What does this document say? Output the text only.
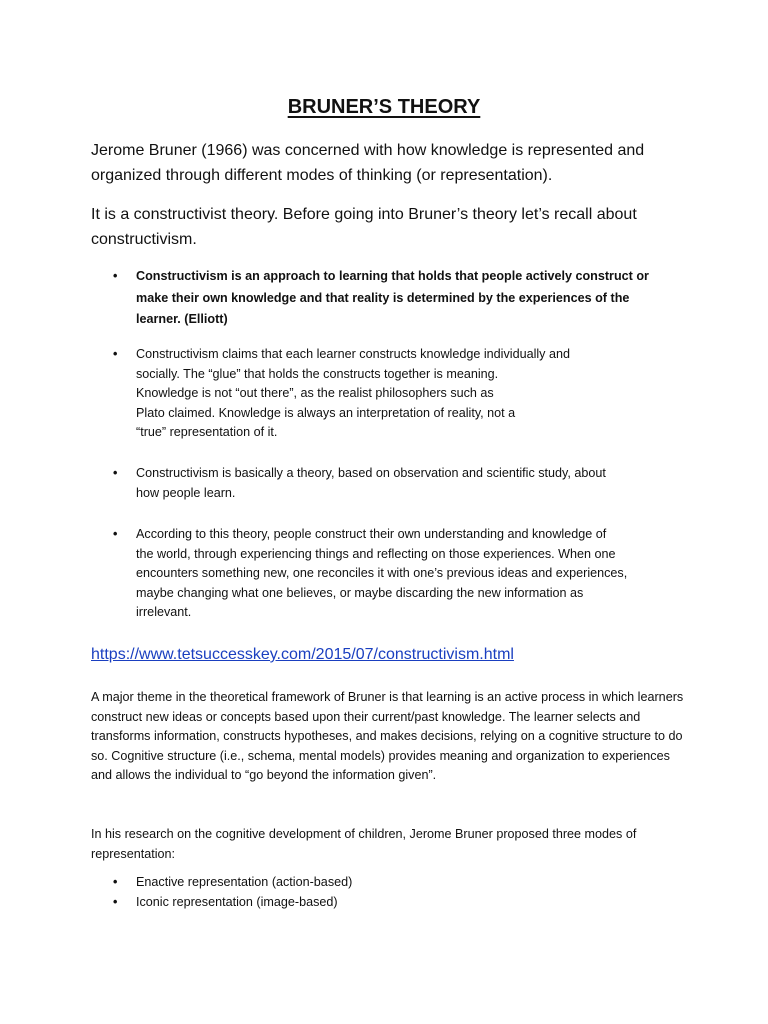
BRUNER’S THEORY

Jerome Bruner (1966) was concerned with how knowledge is represented and organized through different modes of thinking (or representation).

It is a constructivist theory. Before going into Bruner’s theory let’s recall about constructivism.

• Constructivism is an approach to learning that holds that people actively construct or
make their own knowledge and that reality is determined by the experiences of the
learner. (Elliott)
• Constructivism claims that each learner constructs knowledge individually and
socially. The “glue” that holds the constructs together is meaning.
Knowledge is not “out there”, as the realist philosophers such as
Plato claimed. Knowledge is always an interpretation of reality, not a
“true” representation of it.
• Constructivism is basically a theory, based on observation and scientific study, about
how people learn.
• According to this theory, people construct their own understanding and knowledge of
the world, through experiencing things and reflecting on those experiences. When one
encounters something new, one reconciles it with one’s previous ideas and experiences,
maybe changing what one believes, or maybe discarding the new information as
irrelevant.
https://www.tetsuccesskey.com/2015/07/constructivism.html

A major theme in the theoretical framework of Bruner is that learning is an active process in which learners construct new ideas or concepts based upon their current/past knowledge. The learner selects and transforms information, constructs hypotheses, and makes decisions, relying on a cognitive structure to do so. Cognitive structure (i.e., schema, mental models) provides meaning and organization to experiences and allows the individual to “go beyond the information given”.

In his research on the cognitive development of children, Jerome Bruner proposed three modes of representation:

• Enactive representation (action-based)
• Iconic representation (image-based)
